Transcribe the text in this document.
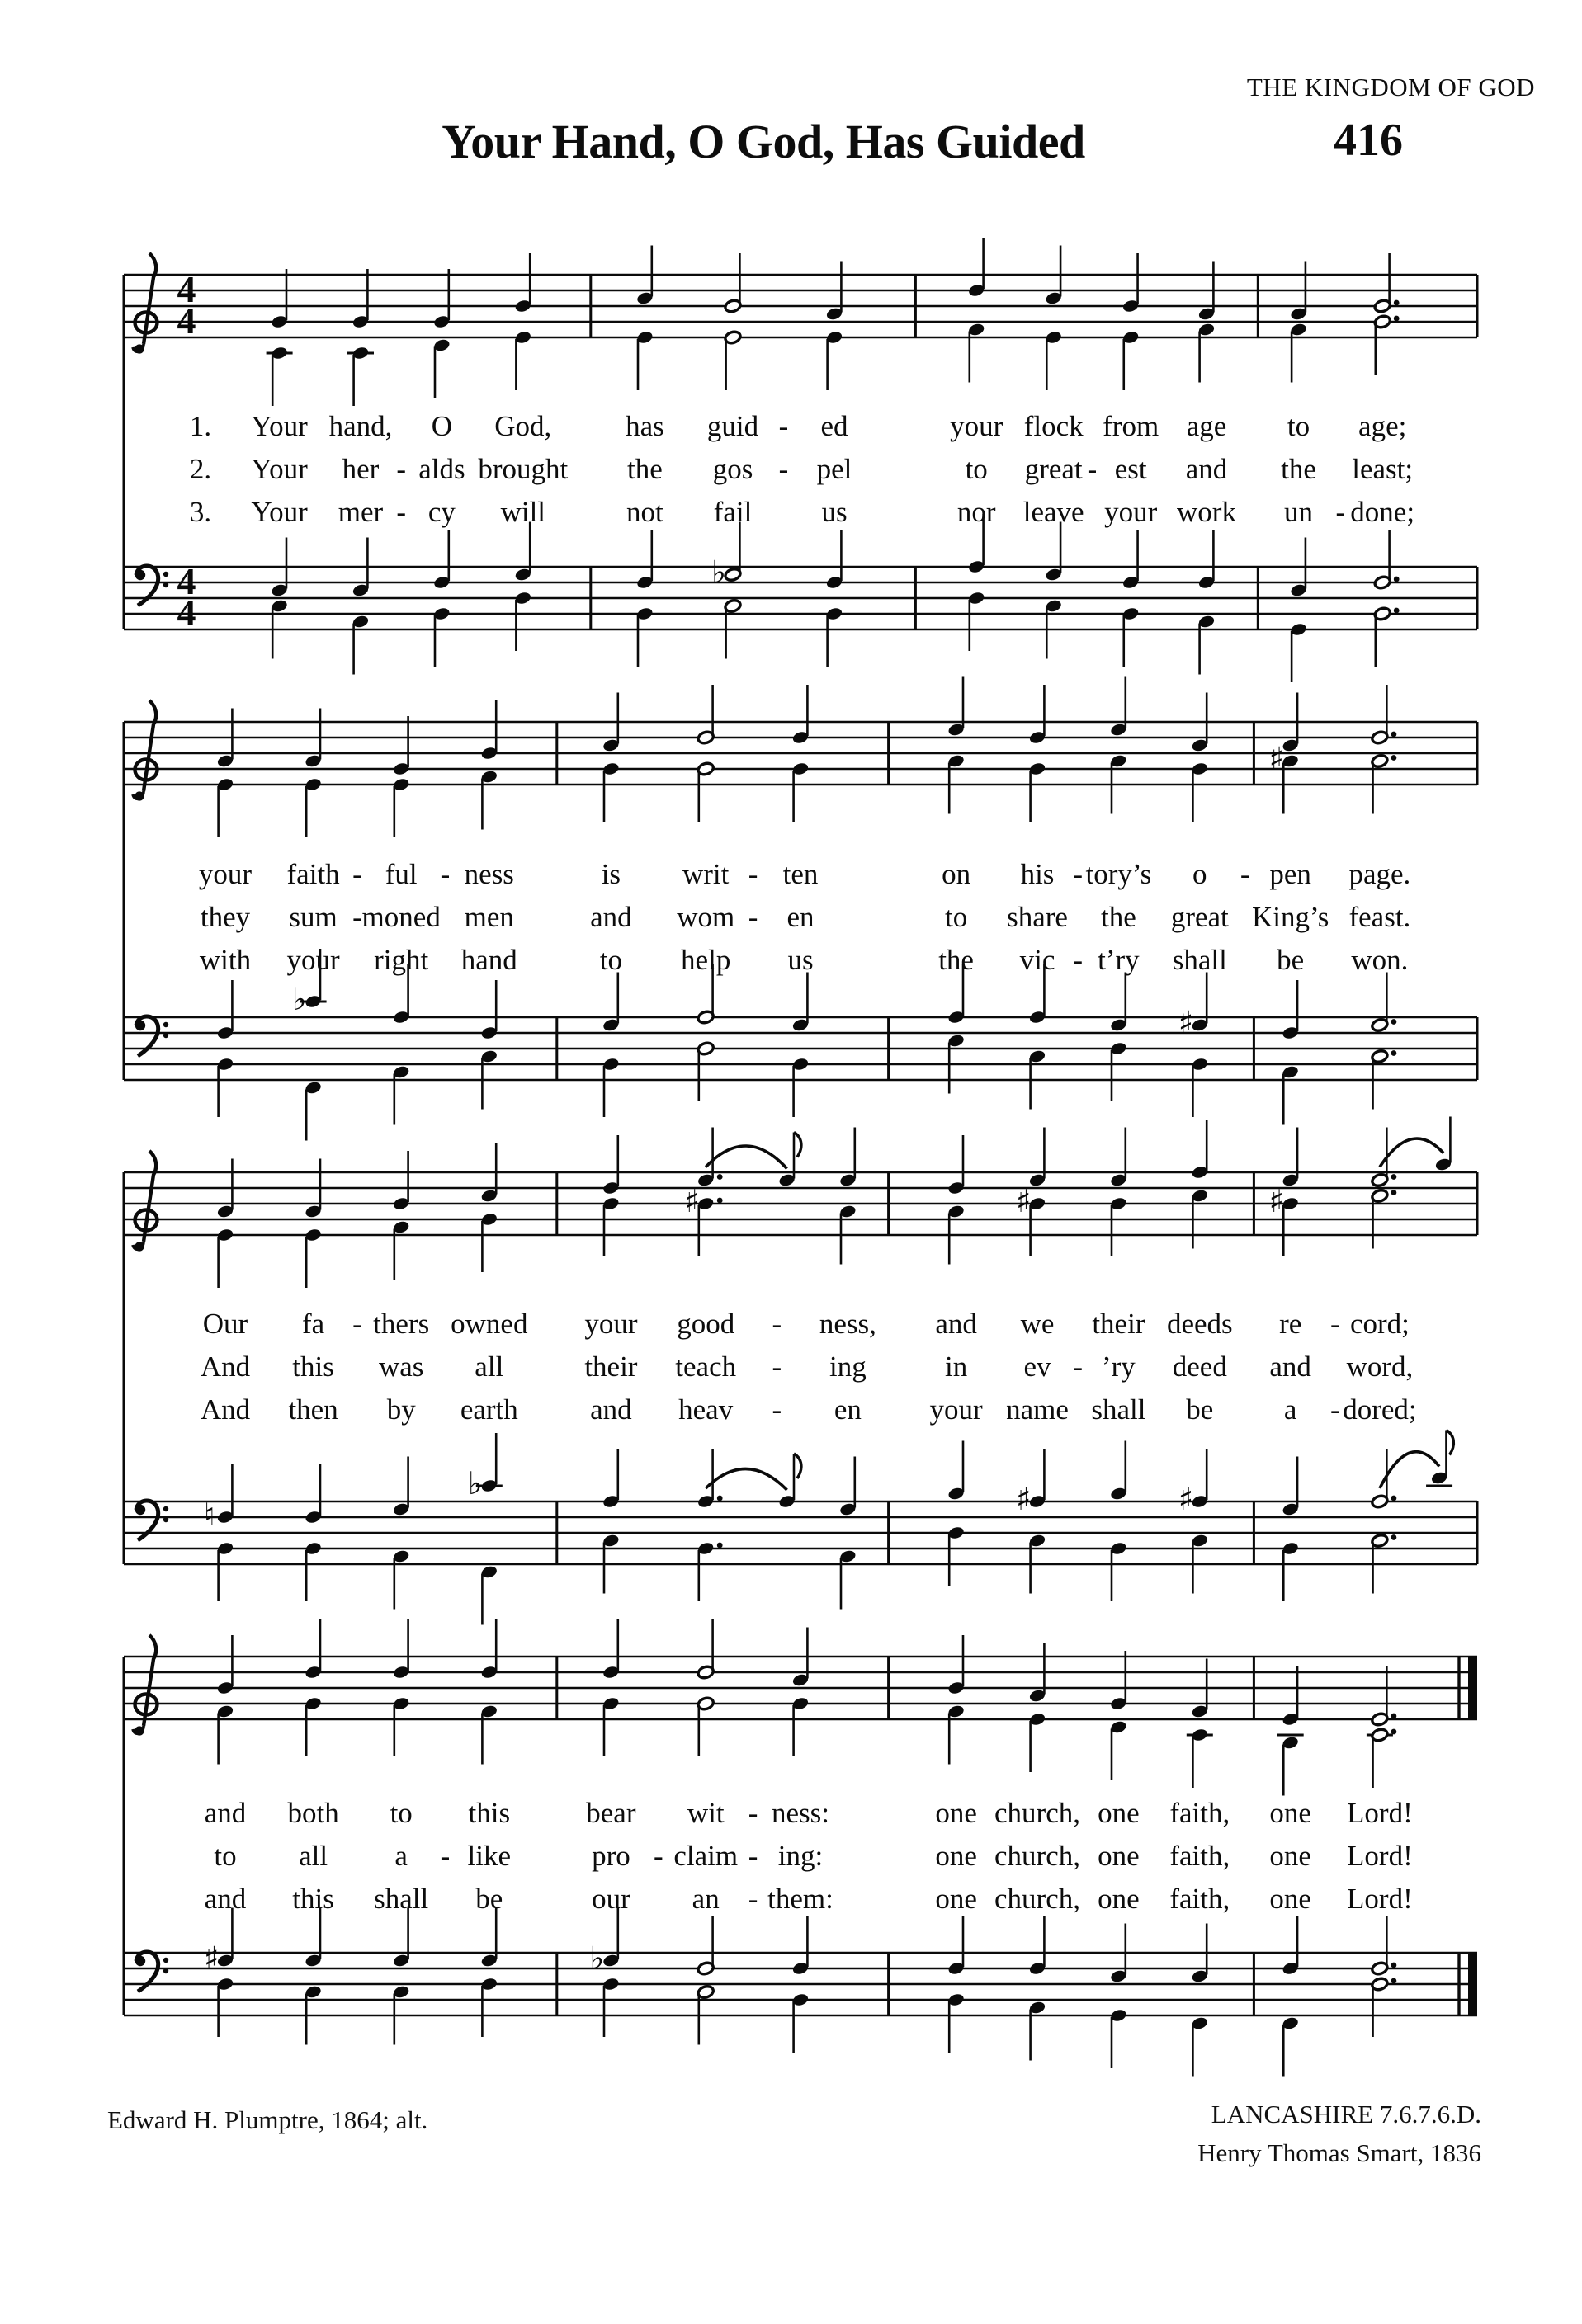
THE KINGDOM OF GOD
Your Hand, O God, Has Guided	416
4
4
4
4
♭
♯
♭
♯
♯	♯	♯
♮
♭	♯	♯
♯	♭
1. Your hand, O God,	has guid ed	your flock from age to age;
-
2. Your her alds brought the gos pel	to great est and the least;
-	-	-
3. Your mer cy will	not fail us	nor leave your work un done;
-	-
your faith ful ness	is writ ten	on his tory’s o pen page.
-	-	-	-	-
they sum moned men	and wom en	to share the great King’s feast.
-	-
with your right hand	to help us	the vic t’ry shall be won.
-
Our fa thers owned your good	ness, and we their deeds re cord;
-	-	-
And this was all	their teach	ing	in ev ’ry deed and word,
-	-
And then by earth and heav	en your name shall be a dored;
-	-
and both to this	bear wit ness:	one church, one faith, one Lord!
-
to all a like	pro claim ing:	one church, one faith, one Lord!
-	-	-
and this shall be	our an them:	one church, one faith, one Lord!
-
Edward H. Plumptre, 1864; alt.	LANCASHIRE 7.6.7.6.D.
Henry Thomas Smart, 1836
